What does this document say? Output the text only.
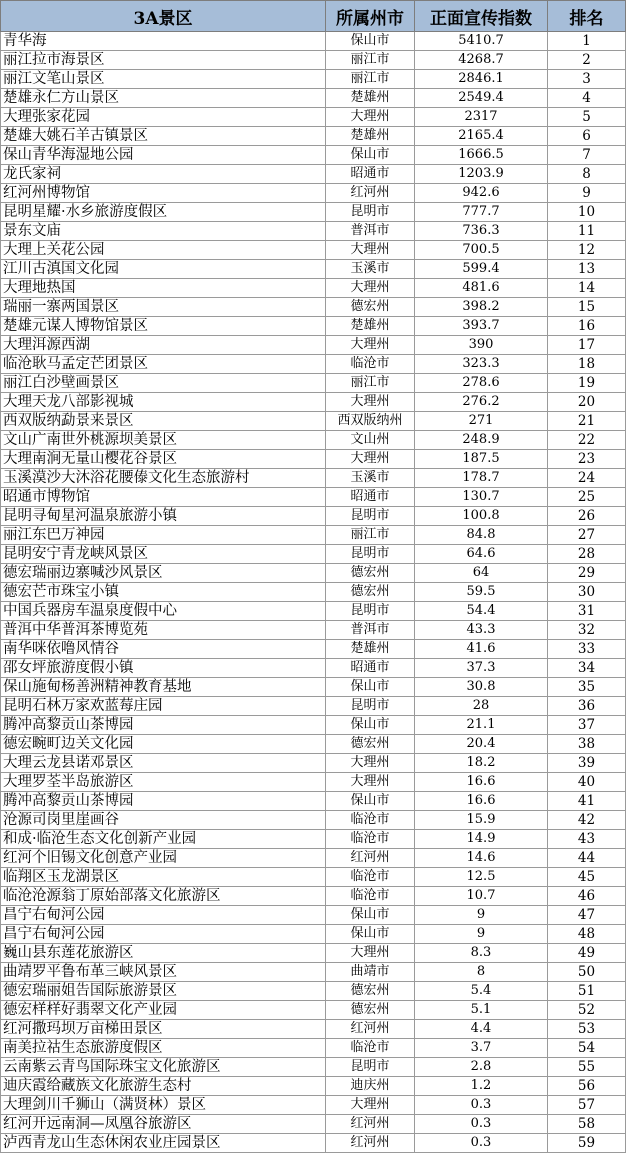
3A景区	所属州市	正面宣传指数	排名
青华海	保山市	5410.7	1
丽江拉市海景区	丽江市	4268.7	2
丽江文笔山景区	丽江市	2846.1	3
楚雄永仁方山景区	楚雄州	2549.4	4
大理张家花园	大理州	2317	5
楚雄大姚石羊古镇景区	楚雄州	2165.4	6
保山青华海湿地公园	保山市	1666.5	7
龙氏家祠	昭通市	1203.9	8
红河州博物馆	红河州	942.6	9
昆明星耀·水乡旅游度假区	昆明市	777.7	10
景东文庙	普洱市	736.3	11
大理上关花公园	大理州	700.5	12
江川古滇国文化园	玉溪市	599.4	13
大理地热国	大理州	481.6	14
瑞丽一寨两国景区	德宏州	398.2	15
楚雄元谋人博物馆景区	楚雄州	393.7	16
大理洱源西湖	大理州	390	17
临沧耿马孟定芒团景区	临沧市	323.3	18
丽江白沙壁画景区	丽江市	278.6	19
大理天龙八部影视城	大理州	276.2	20
西双版纳勐景来景区	西双版纳州	271	21
文山广南世外桃源坝美景区	文山州	248.9	22
大理南涧无量山樱花谷景区	大理州	187.5	23
玉溪漠沙大沐浴花腰傣文化生态旅游村	玉溪市	178.7	24
昭通市博物馆	昭通市	130.7	25
昆明寻甸星河温泉旅游小镇	昆明市	100.8	26
丽江东巴万神园	丽江市	84.8	27
昆明安宁青龙峡风景区	昆明市	64.6	28
德宏瑞丽边寨喊沙风景区	德宏州	64	29
德宏芒市珠宝小镇	德宏州	59.5	30
中国兵器房车温泉度假中心	昆明市	54.4	31
普洱中华普洱茶博览苑	普洱市	43.3	32
南华咪依噜风情谷	楚雄州	41.6	33
邵女坪旅游度假小镇	昭通市	37.3	34
保山施甸杨善洲精神教育基地	保山市	30.8	35
昆明石林万家欢蓝莓庄园	昆明市	28	36
腾冲高黎贡山茶博园	保山市	21.1	37
德宏畹町边关文化园	德宏州	20.4	38
大理云龙县诺邓景区	大理州	18.2	39
大理罗荃半岛旅游区	大理州	16.6	40
腾冲高黎贡山茶博园	保山市	16.6	41
沧源司岗里崖画谷	临沧市	15.9	42
和成·临沧生态文化创新产业园	临沧市	14.9	43
红河个旧锡文化创意产业园	红河州	14.6	44
临翔区玉龙湖景区	临沧市	12.5	45
临沧沧源翁丁原始部落文化旅游区	临沧市	10.7	46
昌宁右甸河公园	保山市	9	47
昌宁右甸河公园	保山市	9	48
巍山县东莲花旅游区	大理州	8.3	49
曲靖罗平鲁布革三峡风景区	曲靖市	8	50
德宏瑞丽姐告国际旅游景区	德宏州	5.4	51
德宏样样好翡翠文化产业园	德宏州	5.1	52
红河撒玛坝万亩梯田景区	红河州	4.4	53
南美拉祜生态旅游度假区	临沧市	3.7	54
云南紫云青鸟国际珠宝文化旅游区	昆明市	2.8	55
迪庆霞给藏族文化旅游生态村	迪庆州	1.2	56
大理剑川千狮山（满贤林）景区	大理州	0.3	57
红河开远南洞—凤凰谷旅游区	红河州	0.3	58
泸西青龙山生态休闲农业庄园景区	红河州	0.3	59
